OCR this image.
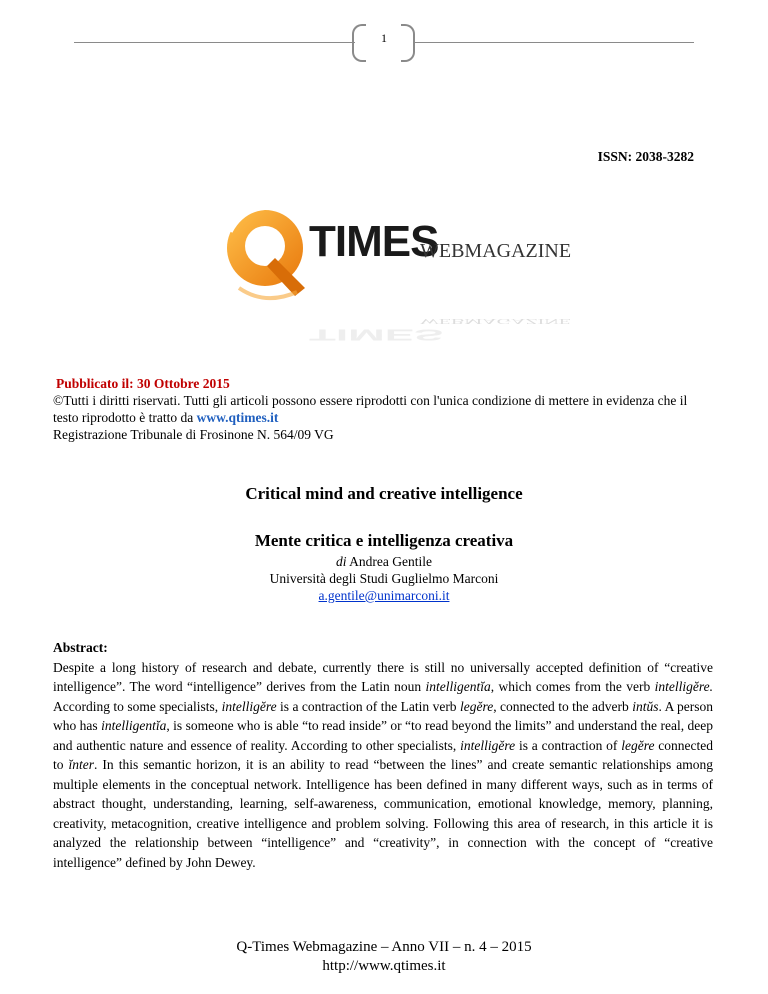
1
ISSN: 2038-3282
TIMES
TIMES
WEBMAGAZINE
WEBMAGAZINE
Pubblicato il: 30 Ottobre 2015
©Tutti i diritti riservati. Tutti gli articoli possono essere riprodotti con l'unica condizione di mettere in evidenza che il testo riprodotto è tratto da www.qtimes.it
Registrazione Tribunale di Frosinone N. 564/09 VG
Critical mind and creative intelligence
Mente critica e intelligenza creativa
di Andrea Gentile
Università degli Studi Guglielmo Marconi
a.gentile@unimarconi.it
Abstract:
Despite a long history of research and debate, currently there is still no universally accepted definition of “creative intelligence”. The word “intelligence” derives from the Latin noun intelligentĭa, which comes from the verb intelligĕre. According to some specialists, intelligĕre is a contraction of the Latin verb legĕre, connected to the adverb intŭs. A person who has intelligentĭa, is someone who is able “to read inside” or “to read beyond the limits” and understand the real, deep and authentic nature and essence of reality. According to other specialists, intelligĕre is a contraction of legĕre connected to ĭnter. In this semantic horizon, it is an ability to read “between the lines” and create semantic relationships among multiple elements in the conceptual network. Intelligence has been defined in many different ways, such as in terms of abstract thought, understanding, learning, self-awareness, communication, emotional knowledge, memory, planning, creativity, metacognition, creative intelligence and problem solving. Following this area of research, in this article it is analyzed the relationship between “intelligence” and “creativity”, in connection with the concept of “creative intelligence” defined by John Dewey.
Q-Times Webmagazine – Anno VII – n. 4 – 2015
http://www.qtimes.it
